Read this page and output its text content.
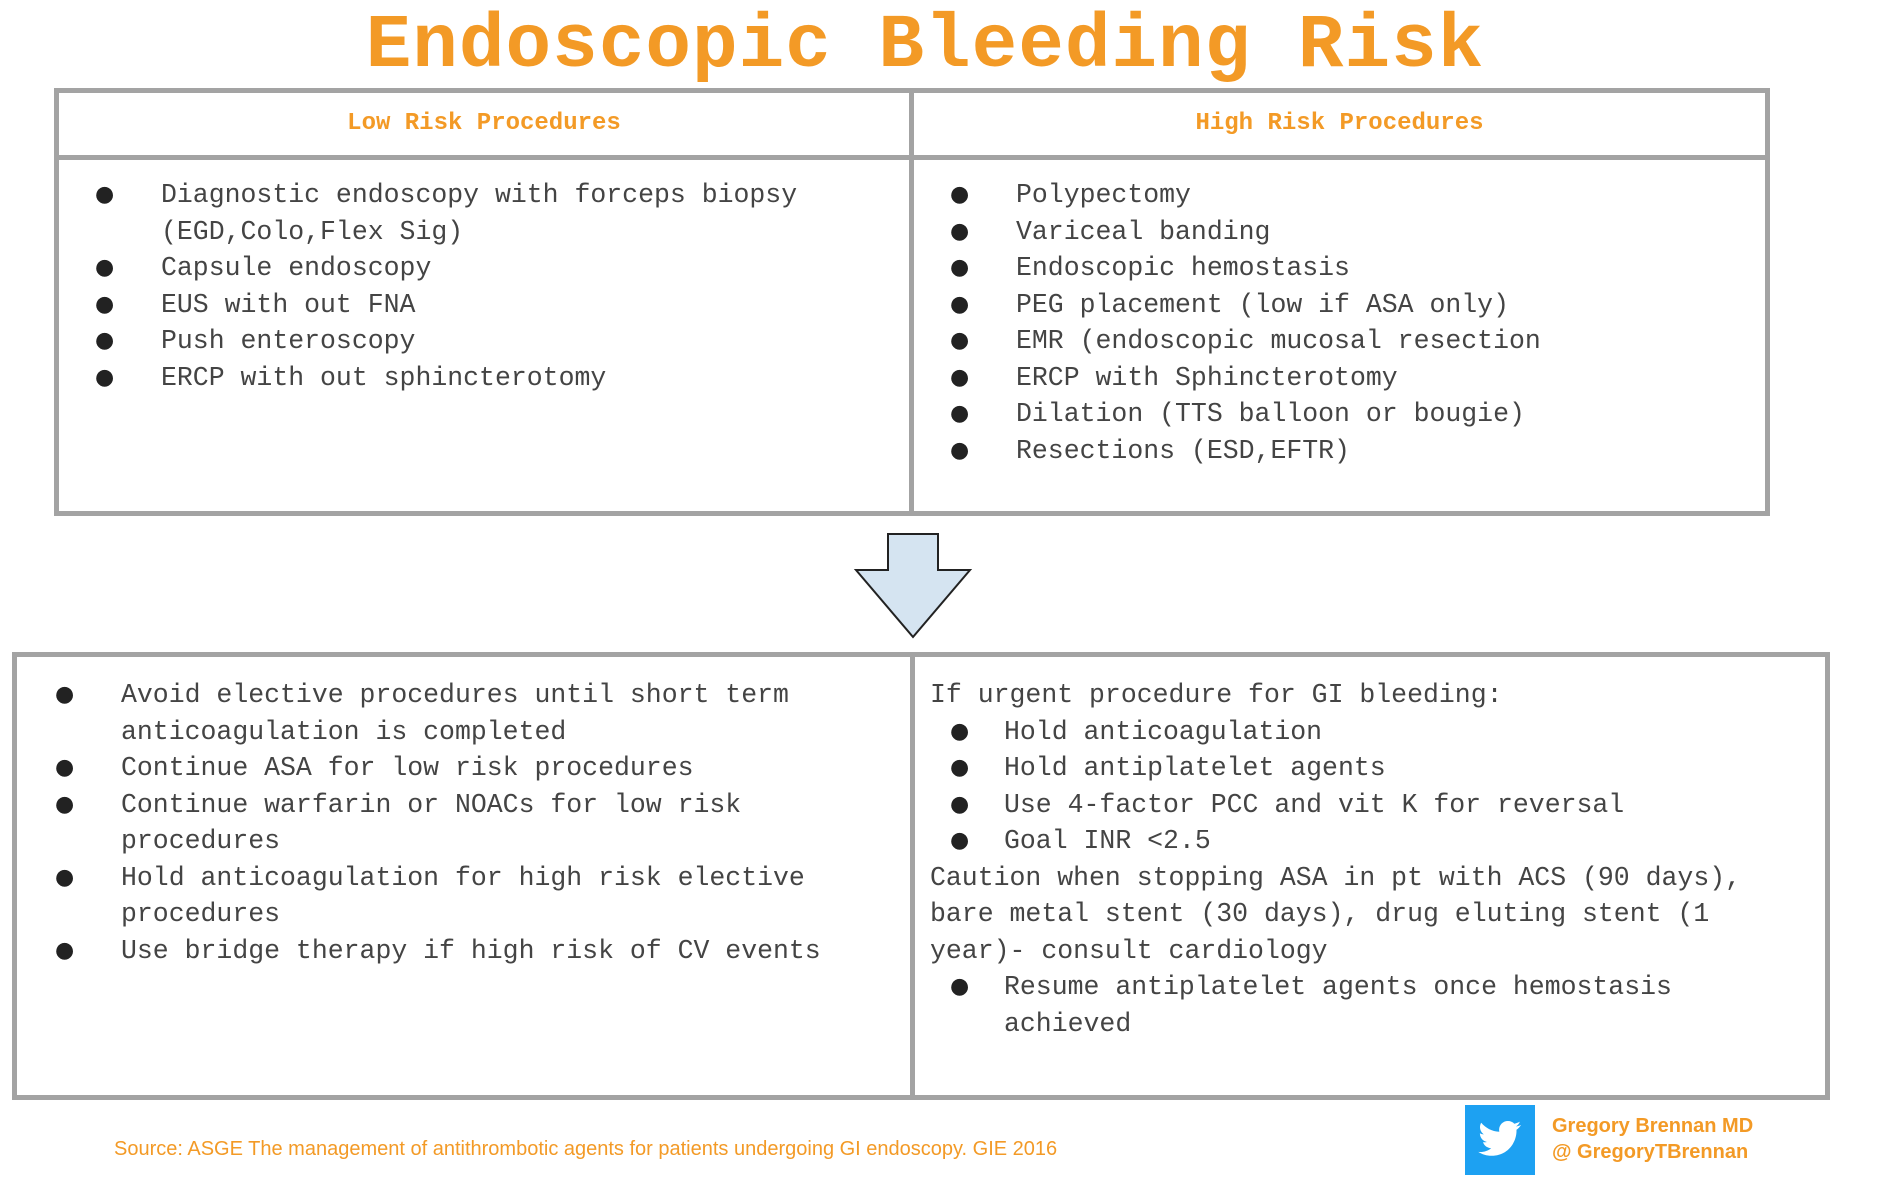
Endoscopic Bleeding Risk
Low Risk Procedures	High Risk Procedures
● Diagnostic endoscopy with forceps biopsy (EGD,Colo,Flex Sig)
● Capsule endoscopy
● EUS with out FNA
● Push enteroscopy
● ERCP with out sphincterotomy
● Polypectomy
● Variceal banding
● Endoscopic hemostasis
● PEG placement (low if ASA only)
● EMR (endoscopic mucosal resection
● ERCP with Sphincterotomy
● Dilation (TTS balloon or bougie)
● Resections (ESD,EFTR)
● Avoid elective procedures until short term anticoagulation is completed
● Continue ASA for low risk procedures
● Continue warfarin or NOACs for low risk procedures
● Hold anticoagulation for high risk elective procedures
● Use bridge therapy if high risk of CV events
If urgent procedure for GI bleeding:
● Hold anticoagulation
● Hold antiplatelet agents
● Use 4-factor PCC and vit K for reversal
● Goal INR <2.5
Caution when stopping ASA in pt with ACS (90 days), bare metal stent (30 days), drug eluting stent (1 year)- consult cardiology
● Resume antiplatelet agents once hemostasis achieved
Source: ASGE The management of antithrombotic agents for patients undergoing GI endoscopy. GIE 2016
Gregory Brennan MD
@ GregoryTBrennan
